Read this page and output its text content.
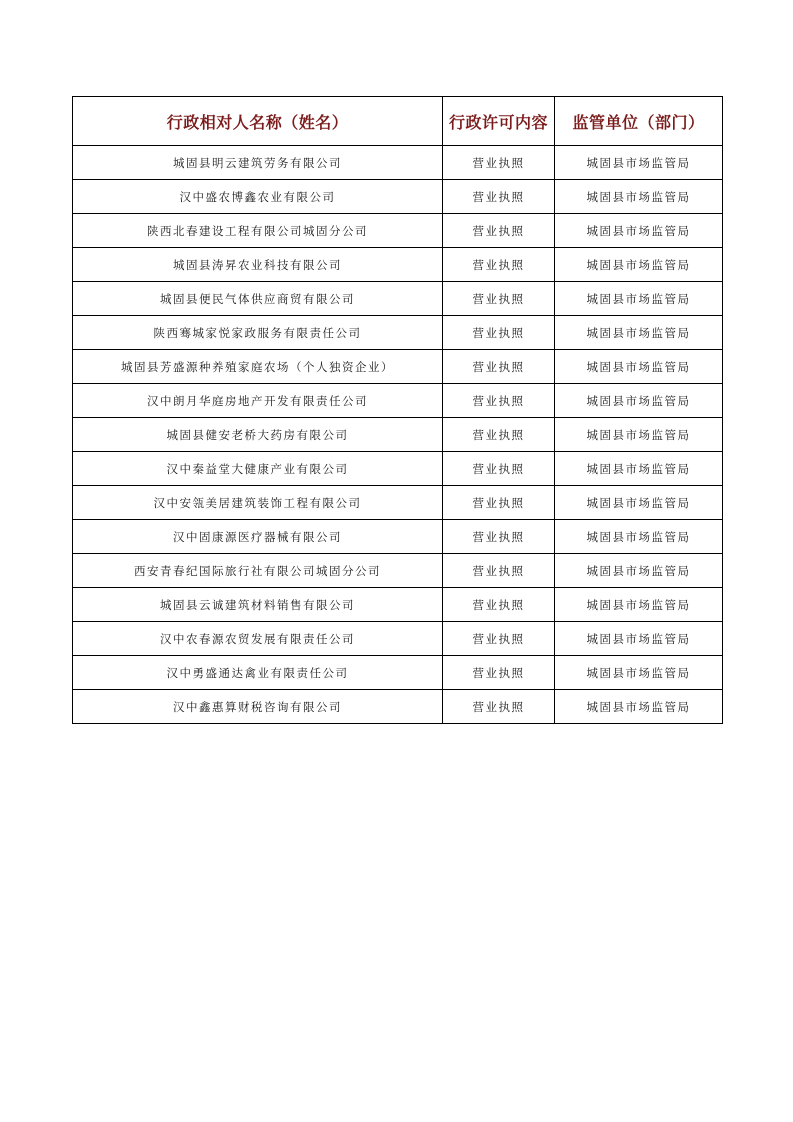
行政相对人名称（姓名）	行政许可内容	监管单位（部门）
城固县明云建筑劳务有限公司	营业执照	城固县市场监管局
汉中盛农博鑫农业有限公司	营业执照	城固县市场监管局
陕西北春建设工程有限公司城固分公司	营业执照	城固县市场监管局
城固县涛昇农业科技有限公司	营业执照	城固县市场监管局
城固县便民气体供应商贸有限公司	营业执照	城固县市场监管局
陕西骞城家悦家政服务有限责任公司	营业执照	城固县市场监管局
城固县芳盛源种养殖家庭农场（个人独资企业）	营业执照	城固县市场监管局
汉中朗月华庭房地产开发有限责任公司	营业执照	城固县市场监管局
城固县健安老桥大药房有限公司	营业执照	城固县市场监管局
汉中秦益堂大健康产业有限公司	营业执照	城固县市场监管局
汉中安瓴美居建筑装饰工程有限公司	营业执照	城固县市场监管局
汉中固康源医疗器械有限公司	营业执照	城固县市场监管局
西安青春纪国际旅行社有限公司城固分公司	营业执照	城固县市场监管局
城固县云诚建筑材料销售有限公司	营业执照	城固县市场监管局
汉中农春源农贸发展有限责任公司	营业执照	城固县市场监管局
汉中勇盛通达禽业有限责任公司	营业执照	城固县市场监管局
汉中鑫惠算财税咨询有限公司	营业执照	城固县市场监管局
